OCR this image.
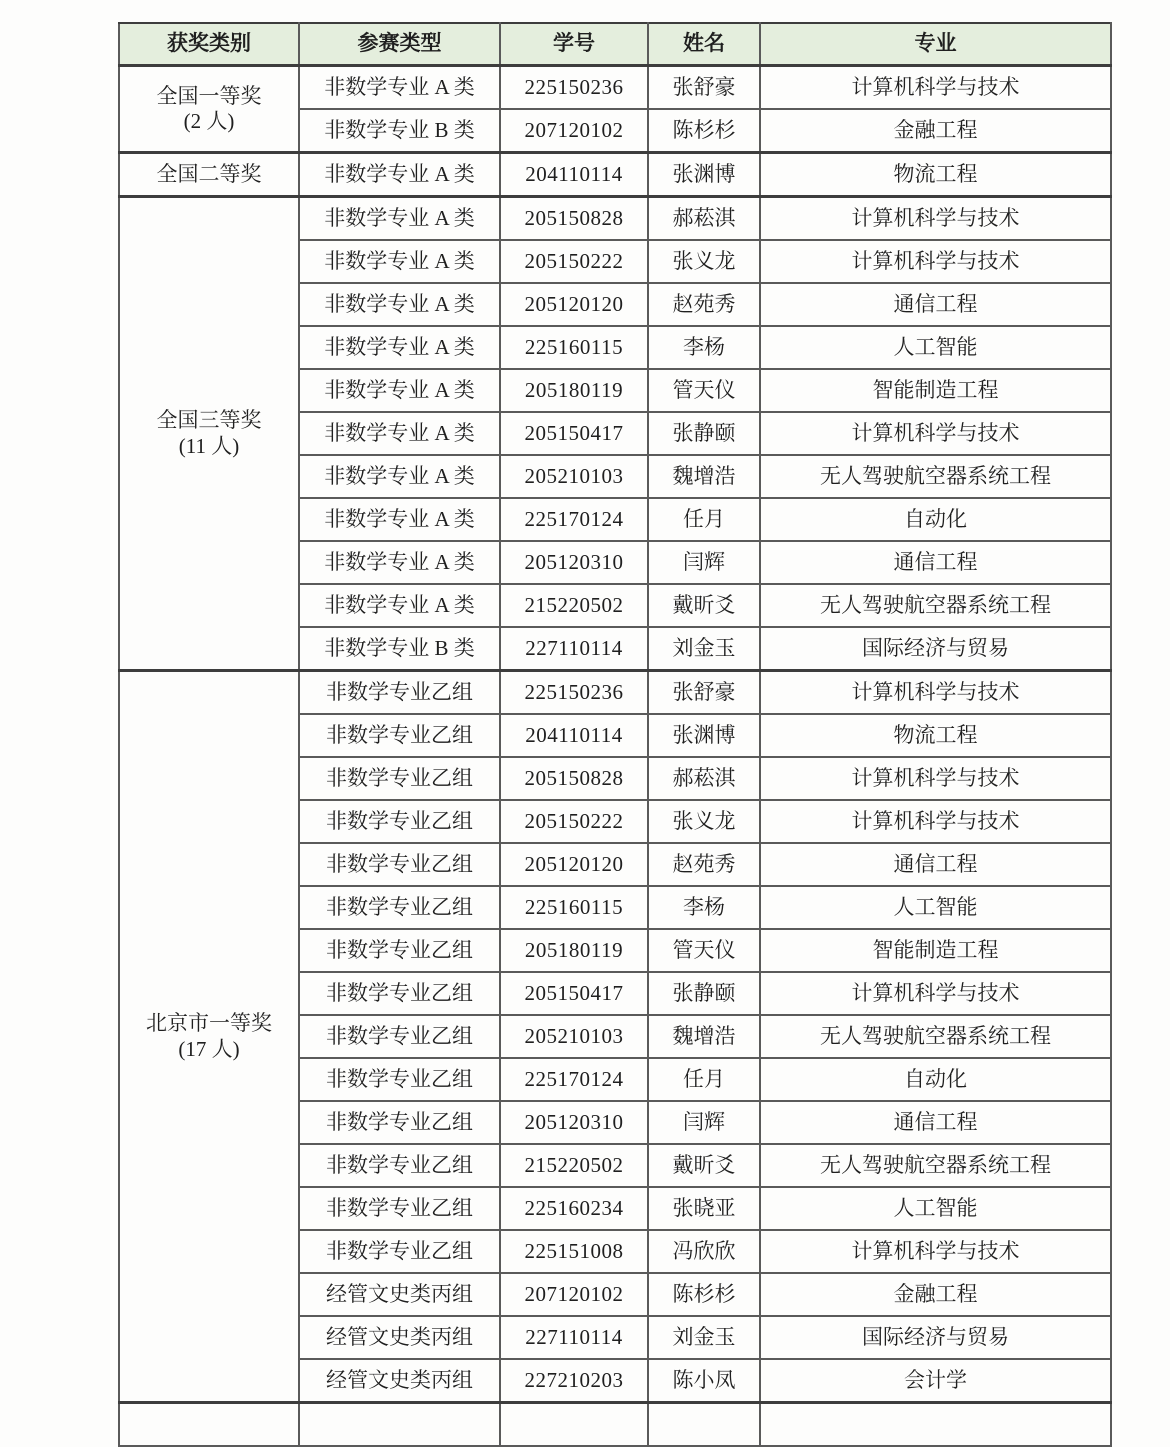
获奖类别	参赛类型	学号	姓名	专业

全国一等奖
(2 人)	非数学专业 A 类	225150236	张舒豪	计算机科学与技术
	非数学专业 B 类	207120102	陈杉杉	金融工程

全国二等奖	非数学专业 A 类	204110114	张渊博	物流工程

全国三等奖
(11 人)	非数学专业 A 类	205150828	郝菘淇	计算机科学与技术
	非数学专业 A 类	205150222	张义龙	计算机科学与技术
	非数学专业 A 类	205120120	赵苑秀	通信工程
	非数学专业 A 类	225160115	李杨	人工智能
	非数学专业 A 类	205180119	管天仪	智能制造工程
	非数学专业 A 类	205150417	张静颐	计算机科学与技术
	非数学专业 A 类	205210103	魏增浩	无人驾驶航空器系统工程
	非数学专业 A 类	225170124	任月	自动化
	非数学专业 A 类	205120310	闫辉	通信工程
	非数学专业 A 类	215220502	戴昕爻	无人驾驶航空器系统工程
	非数学专业 B 类	227110114	刘金玉	国际经济与贸易

北京市一等奖
(17 人)	非数学专业乙组	225150236	张舒豪	计算机科学与技术
	非数学专业乙组	204110114	张渊博	物流工程
	非数学专业乙组	205150828	郝菘淇	计算机科学与技术
	非数学专业乙组	205150222	张义龙	计算机科学与技术
	非数学专业乙组	205120120	赵苑秀	通信工程
	非数学专业乙组	225160115	李杨	人工智能
	非数学专业乙组	205180119	管天仪	智能制造工程
	非数学专业乙组	205150417	张静颐	计算机科学与技术
	非数学专业乙组	205210103	魏增浩	无人驾驶航空器系统工程
	非数学专业乙组	225170124	任月	自动化
	非数学专业乙组	205120310	闫辉	通信工程
	非数学专业乙组	215220502	戴昕爻	无人驾驶航空器系统工程
	非数学专业乙组	225160234	张晓亚	人工智能
	非数学专业乙组	225151008	冯欣欣	计算机科学与技术
	经管文史类丙组	207120102	陈杉杉	金融工程
	经管文史类丙组	227110114	刘金玉	国际经济与贸易
	经管文史类丙组	227210203	陈小凤	会计学
